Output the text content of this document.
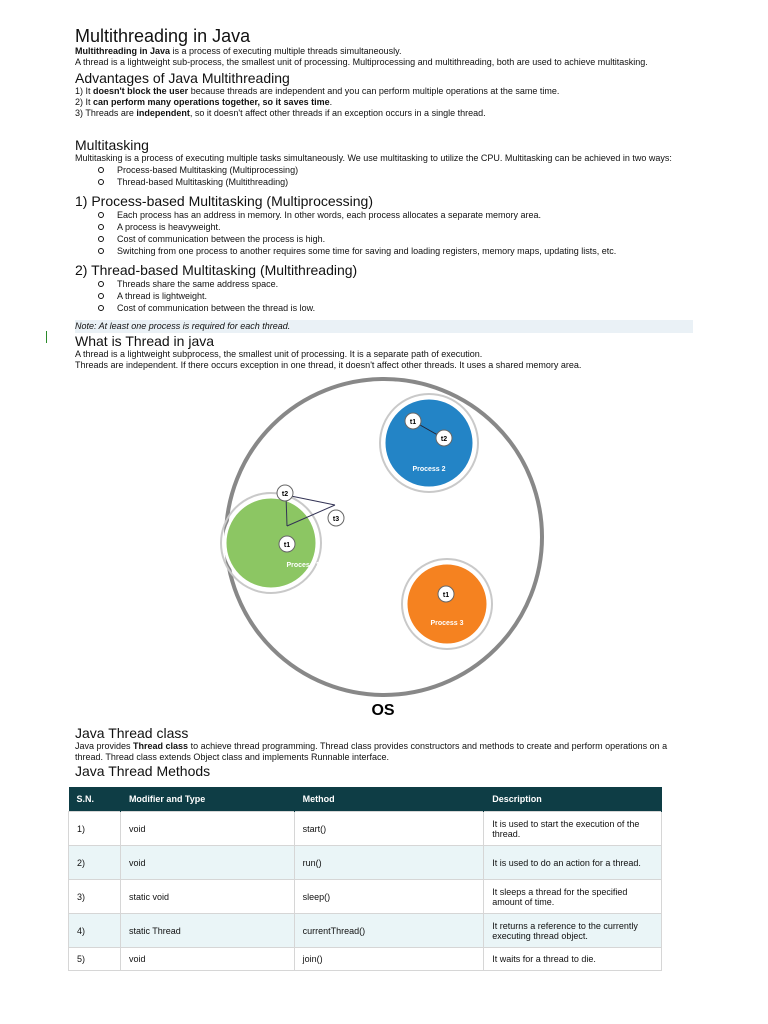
Multithreading in Java

Multithreading in Java is a process of executing multiple threads simultaneously.

A thread is a lightweight sub-process, the smallest unit of processing. Multiprocessing and multithreading, both are used to achieve multitasking.

Advantages of Java Multithreading

1) It doesn't block the user because threads are independent and you can perform multiple operations at the same time.

2) It can perform many operations together, so it saves time.

3) Threads are independent, so it doesn't affect other threads if an exception occurs in a single thread.

Multitasking

Multitasking is a process of executing multiple tasks simultaneously. We use multitasking to utilize the CPU. Multitasking can be achieved in two ways:

Process-based Multitasking (Multiprocessing)
Thread-based Multitasking (Multithreading)
1) Process-based Multitasking (Multiprocessing)
Each process has an address in memory. In other words, each process allocates a separate memory area.
A process is heavyweight.
Cost of communication between the process is high.
Switching from one process to another requires some time for saving and loading registers, memory maps, updating lists, etc.
2) Thread-based Multitasking (Multithreading)
Threads share the same address space.
A thread is lightweight.
Cost of communication between the thread is low.

Note: At least one process is required for each thread.

What is Thread in java

A thread is a lightweight subprocess, the smallest unit of processing. It is a separate path of execution.

Threads are independent. If there occurs exception in one thread, it doesn't affect other threads. It uses a shared memory area.

t2
t3
t1
Process 1
t1
t2
Process 2
t1
Process 3
OS
Java Thread class

Java provides Thread class to achieve thread programming. Thread class provides constructors and methods to create and perform operations on a thread. Thread class extends Object class and implements Runnable interface.

Java Thread Methods
S.N.	Modifier and Type	Method	Description
1)	void	start()	It is used to start the execution of the thread.
2)	void	run()	It is used to do an action for a thread.
3)	static void	sleep()	It sleeps a thread for the specified amount of time.
4)	static Thread	currentThread()	It returns a reference to the currently executing thread object.
5)	void	join()	It waits for a thread to die.
